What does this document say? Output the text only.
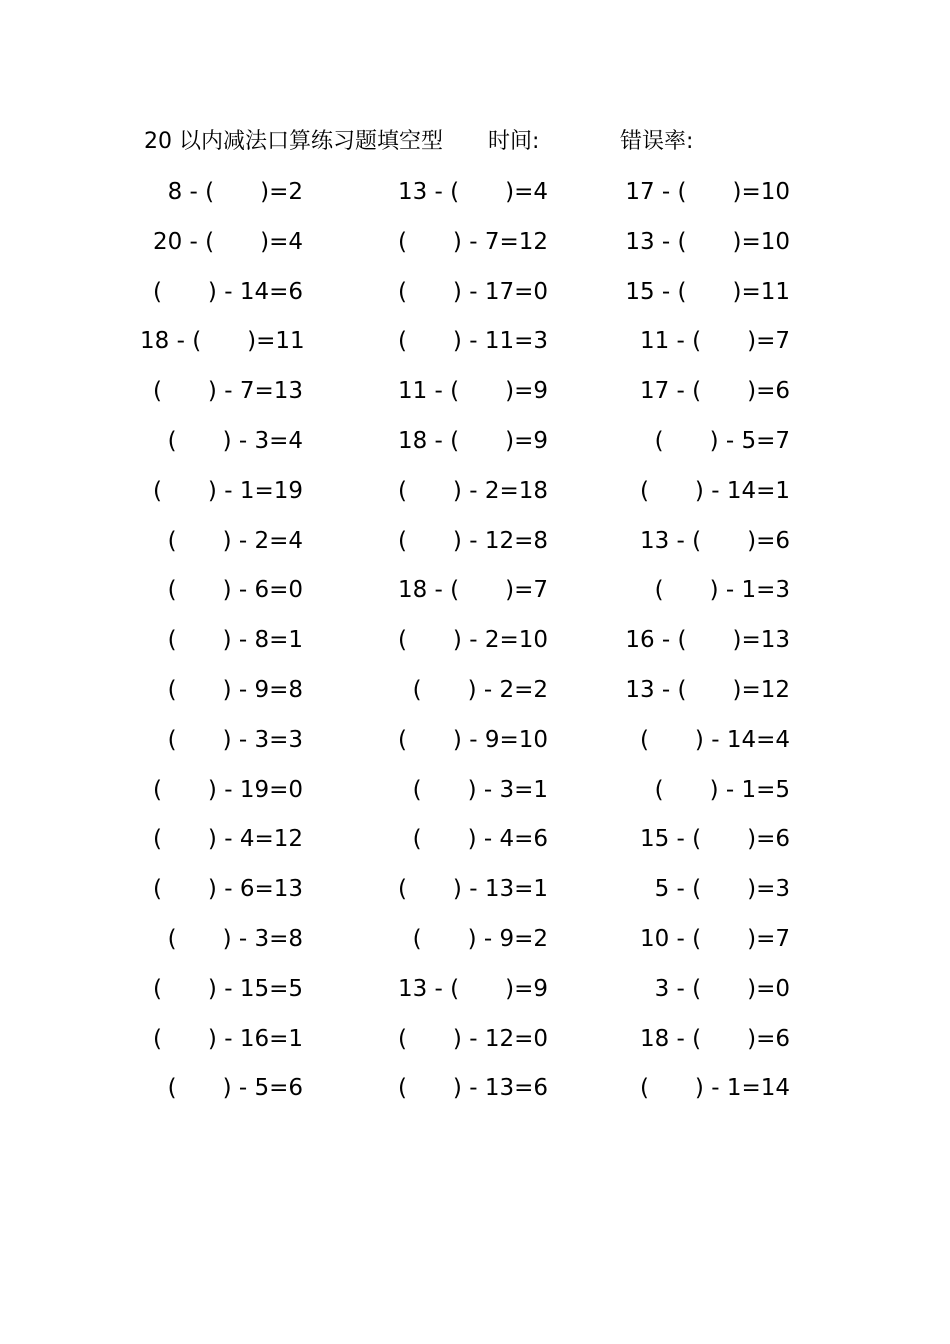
20 以内减法口算练习题填空型 时间:	错误率:
8 - (　　)=2	13 - (　　)=4	17 - (　　)=10
20 - (　　)=4	(　　) - 7=12	13 - (　　)=10
(　　) - 14=6	(　　) - 17=0	15 - (　　)=11
18 - (　　)=11	(　　) - 11=3	11 - (　　)=7
(　　) - 7=13	11 - (　　)=9	17 - (　　)=6
(　　) - 3=4	18 - (　　)=9	(　　) - 5=7
(　　) - 1=19	(　　) - 2=18	(　　) - 14=1
(　　) - 2=4	(　　) - 12=8	13 - (　　)=6
(　　) - 6=0	18 - (　　)=7	(　　) - 1=3
(　　) - 8=1	(　　) - 2=10	16 - (　　)=13
(　　) - 9=8	(　　) - 2=2	13 - (　　)=12
(　　) - 3=3	(　　) - 9=10	(　　) - 14=4
(　　) - 19=0	(　　) - 3=1	(　　) - 1=5
(　　) - 4=12	(　　) - 4=6	15 - (　　)=6
(　　) - 6=13	(　　) - 13=1	5 - (　　)=3
(　　) - 3=8	(　　) - 9=2	10 - (　　)=7
(　　) - 15=5	13 - (　　)=9	3 - (　　)=0
(　　) - 16=1	(　　) - 12=0	18 - (　　)=6
(　　) - 5=6	(　　) - 13=6	(　　) - 1=14
